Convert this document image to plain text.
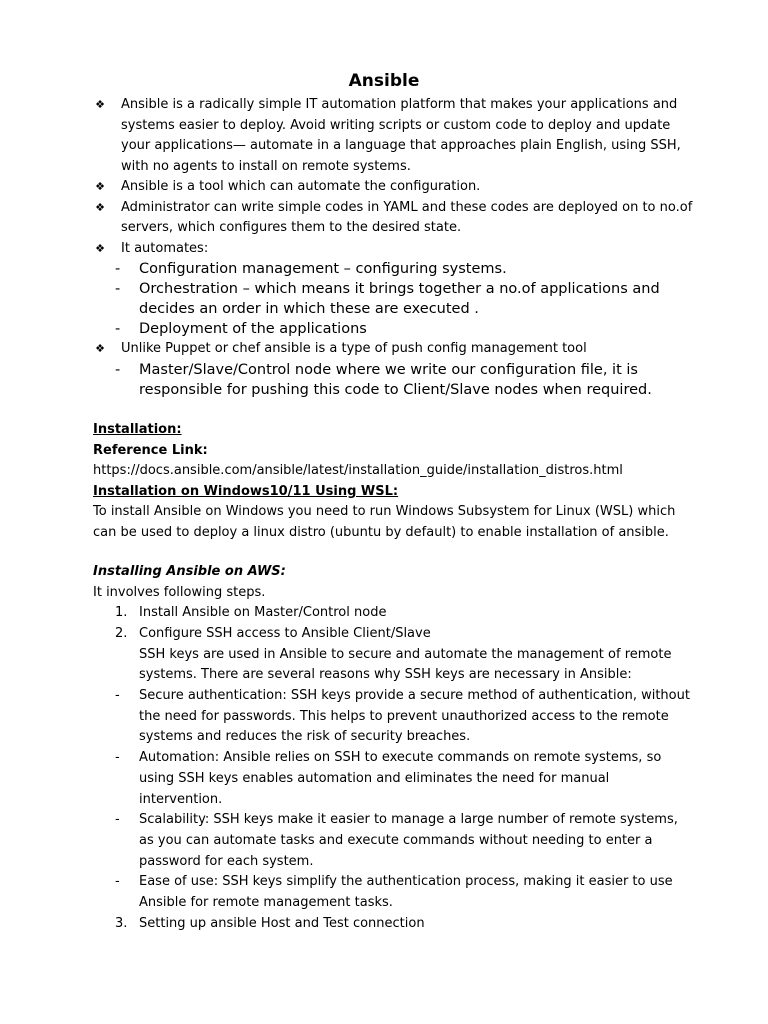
Ansible
❖ Ansible is a radically simple IT automation platform that makes your applications and systems easier to deploy. Avoid writing scripts or custom code to deploy and update your applications— automate in a language that approaches plain English, using SSH, with no agents to install on remote systems.
❖ Ansible is a tool which can automate the configuration.
❖ Administrator can write simple codes in YAML and these codes are deployed on to no.of servers, which configures them to the desired state.
❖ It automates:
- Configuration management – configuring systems.
- Orchestration – which means it brings together a no.of applications and decides an order in which these are executed .
- Deployment of the applications
❖ Unlike Puppet or chef ansible is a type of push config management tool
- Master/Slave/Control node where we write our configuration file, it is responsible for pushing this code to Client/Slave nodes when required.
Installation:
Reference Link:
https://docs.ansible.com/ansible/latest/installation_guide/installation_distros.html
Installation on Windows10/11 Using WSL:
To install Ansible on Windows you need to run Windows Subsystem for Linux (WSL) which can be used to deploy a linux distro (ubuntu by default) to enable installation of ansible.
Installing Ansible on AWS:
It involves following steps.
1. Install Ansible on Master/Control node
2. Configure SSH access to Ansible Client/Slave
SSH keys are used in Ansible to secure and automate the management of remote systems. There are several reasons why SSH keys are necessary in Ansible:
- Secure authentication: SSH keys provide a secure method of authentication, without the need for passwords. This helps to prevent unauthorized access to the remote systems and reduces the risk of security breaches.
- Automation: Ansible relies on SSH to execute commands on remote systems, so using SSH keys enables automation and eliminates the need for manual intervention.
- Scalability: SSH keys make it easier to manage a large number of remote systems, as you can automate tasks and execute commands without needing to enter a password for each system.
- Ease of use: SSH keys simplify the authentication process, making it easier to use Ansible for remote management tasks.
3. Setting up ansible Host and Test connection
